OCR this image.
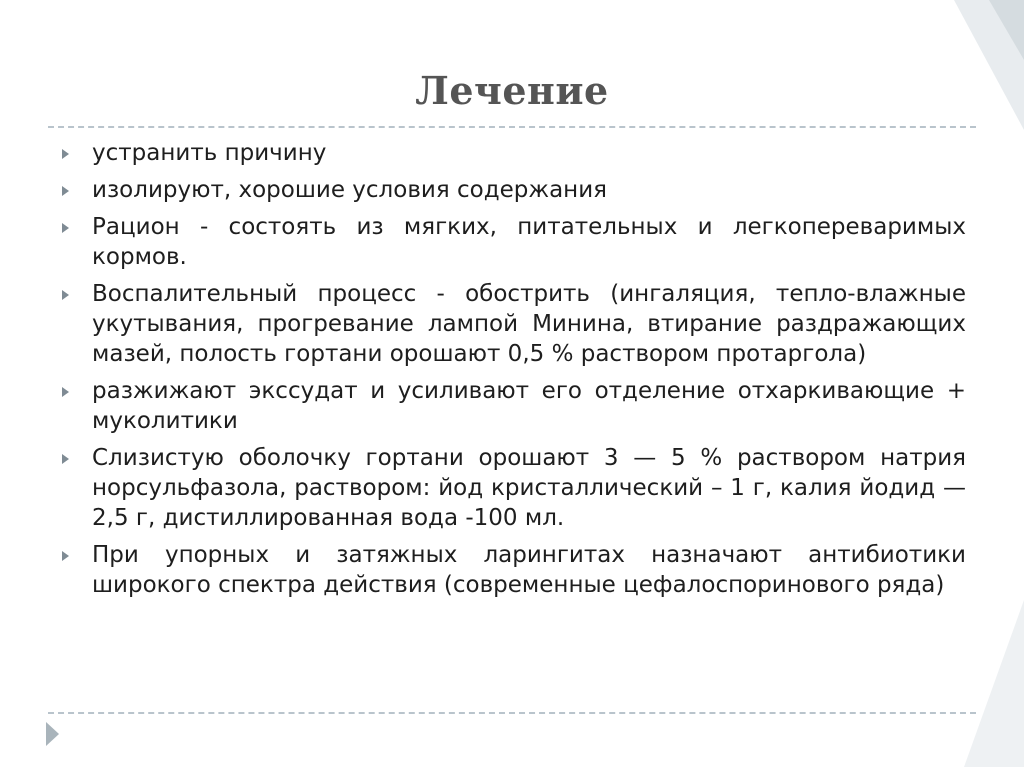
Лечение
устранить причину
изолируют, хорошие условия содержания
Рацион - состоять из мягких, питательных и легкопереваримых кормов.
Воспалительный процесс - обострить (ингаляция, тепло-влажные укутывания, прогревание лампой Минина, втирание раздражающих мазей, полость гортани орошают 0,5 % раствором протаргола)
разжижают экссудат и усиливают его отделение отхаркивающие + муколитики
Слизистую оболочку гортани орошают 3 — 5 % раствором натрия норсульфазола, раствором: йод кристаллический – 1 г, калия йодид — 2,5 г, дистиллированная вода -100 мл.
При упорных и затяжных ларингитах назначают антибиотики широкого спектра действия (современные цефалоспоринового ряда)
